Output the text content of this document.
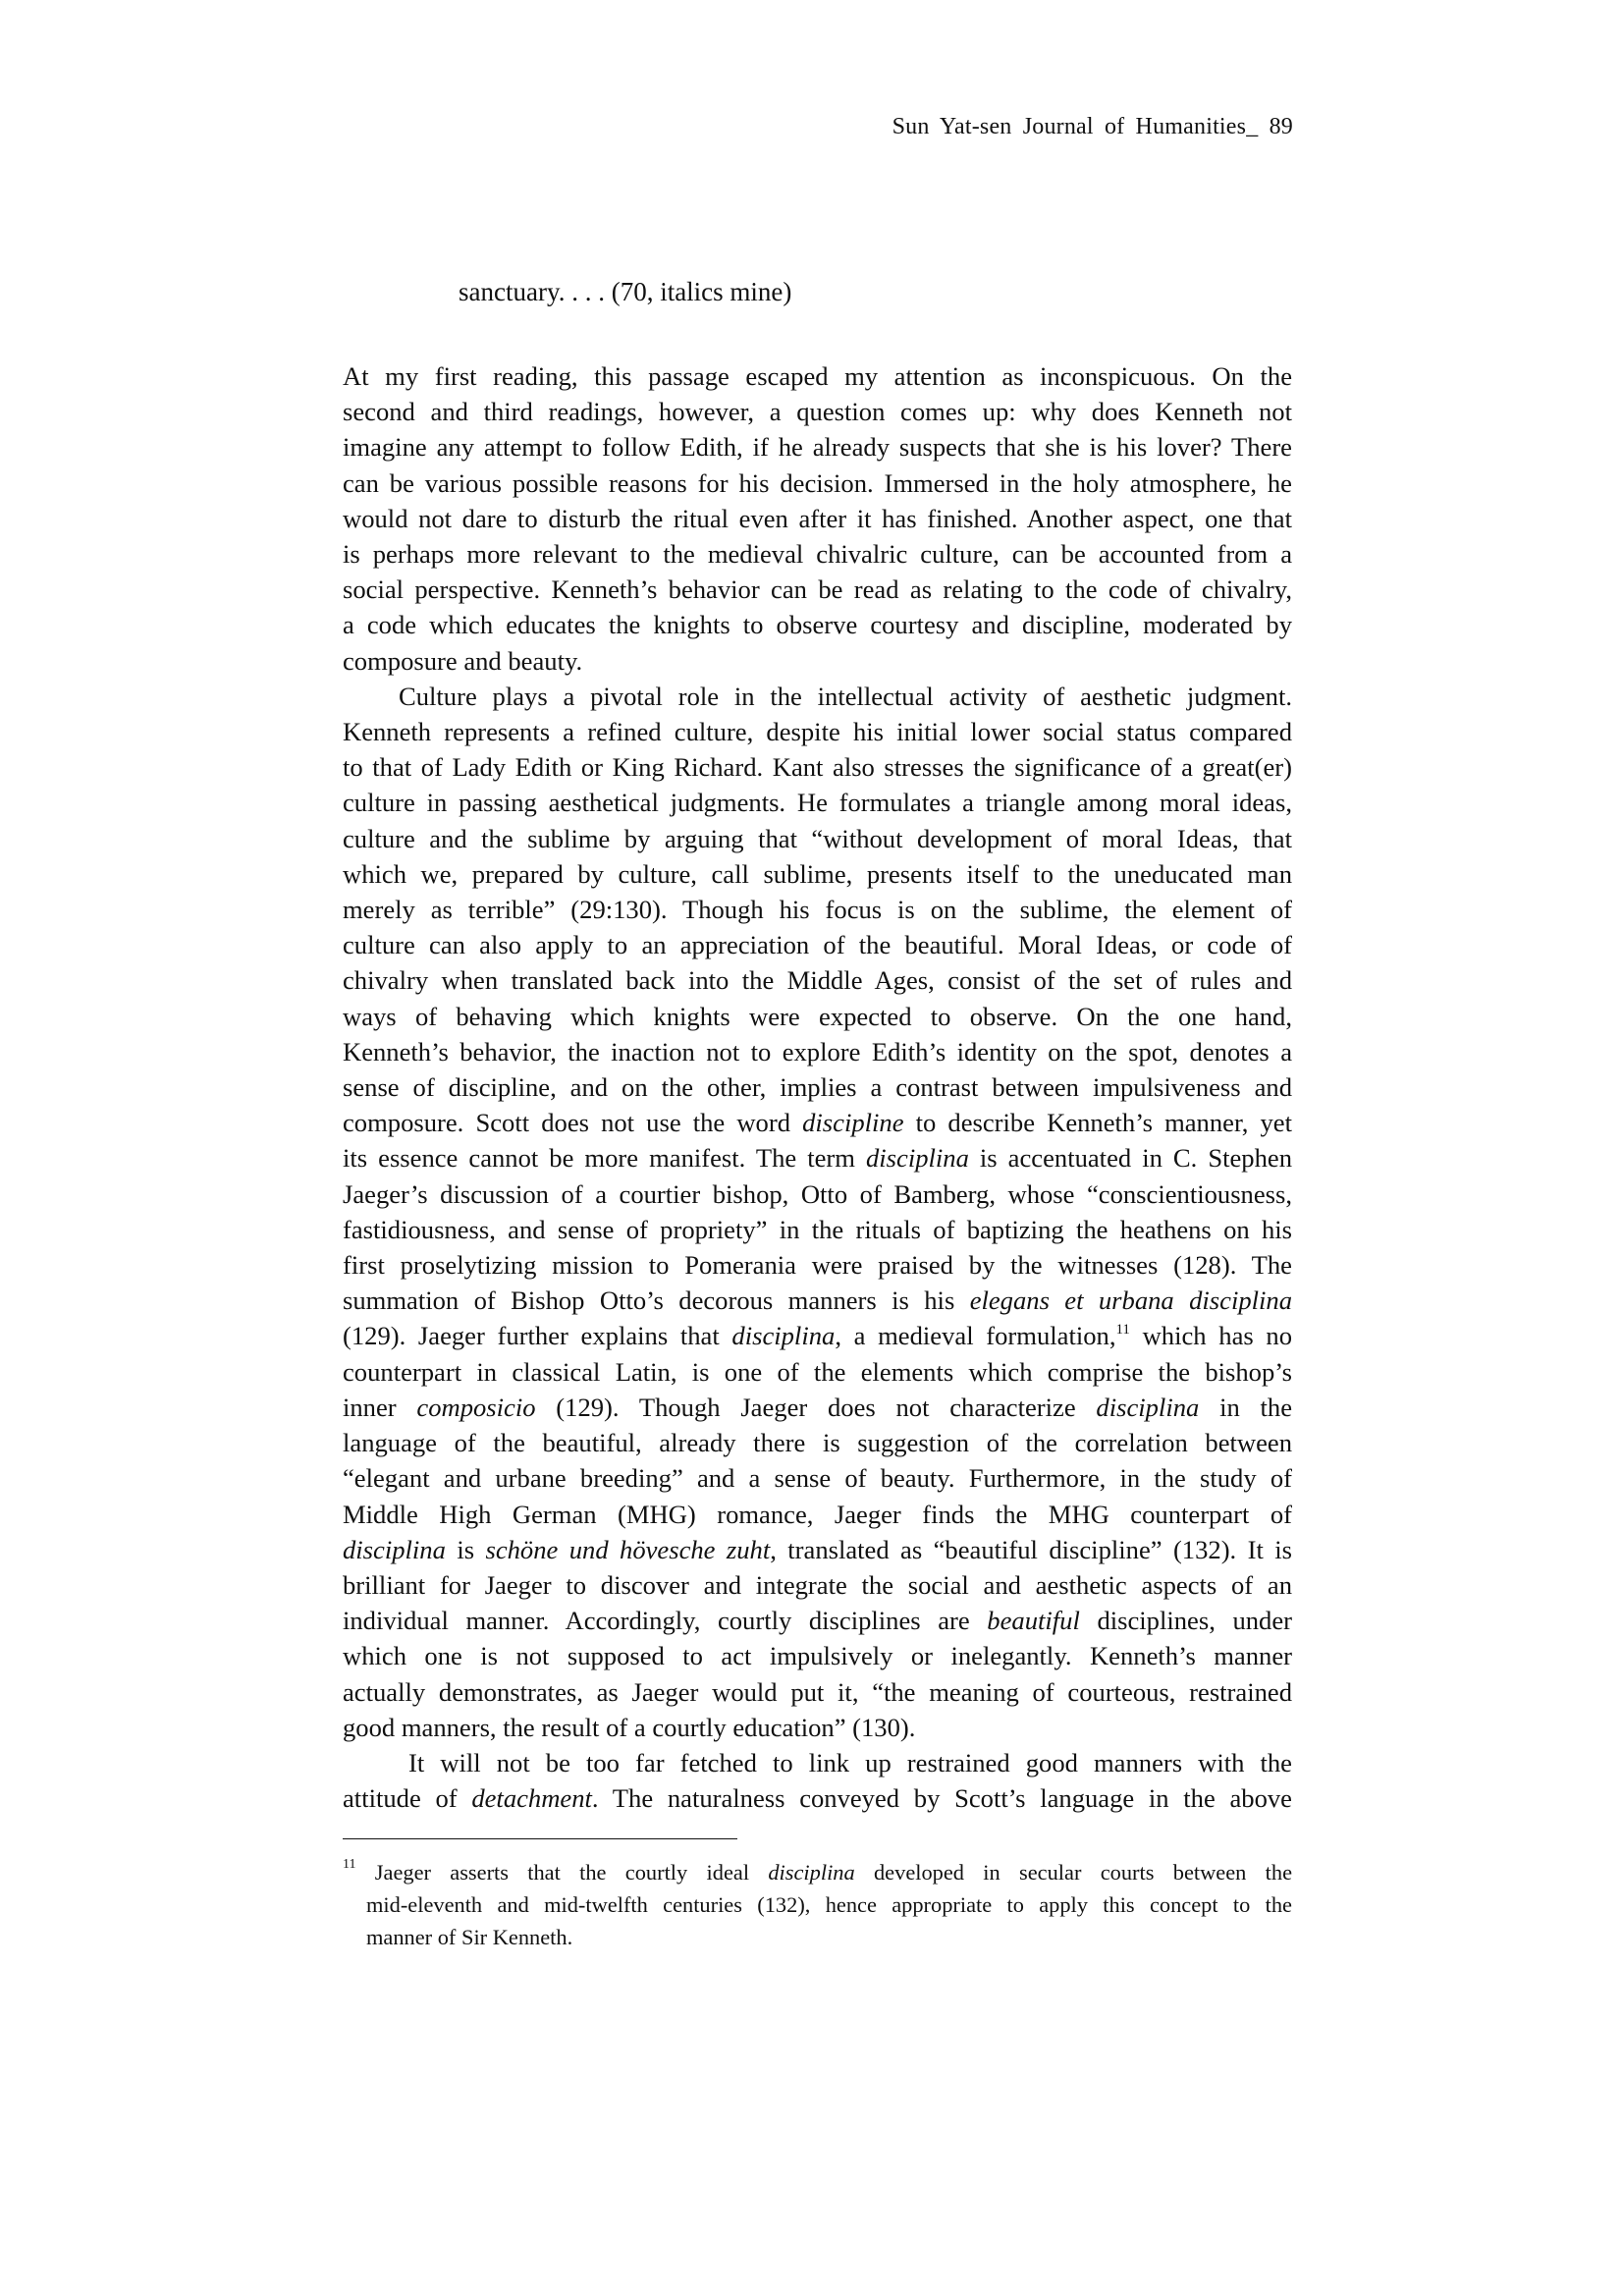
Sun Yat-sen Journal of Humanities_ 89
sanctuary. . . . (70, italics mine)

At my first reading, this passage escaped my attention as inconspicuous. On the
second and third readings, however, a question comes up: why does Kenneth not
imagine any attempt to follow Edith, if he already suspects that she is his lover? There
can be various possible reasons for his decision. Immersed in the holy atmosphere, he
would not dare to disturb the ritual even after it has finished. Another aspect, one that
is perhaps more relevant to the medieval chivalric culture, can be accounted from a
social perspective. Kenneth’s behavior can be read as relating to the code of chivalry,
a code which educates the knights to observe courtesy and discipline, moderated by
composure and beauty.

Culture plays a pivotal role in the intellectual activity of aesthetic judgment.
Kenneth represents a refined culture, despite his initial lower social status compared
to that of Lady Edith or King Richard. Kant also stresses the significance of a great(er)
culture in passing aesthetical judgments. He formulates a triangle among moral ideas,
culture and the sublime by arguing that “without development of moral Ideas, that
which we, prepared by culture, call sublime, presents itself to the uneducated man
merely as terrible” (29:130). Though his focus is on the sublime, the element of
culture can also apply to an appreciation of the beautiful. Moral Ideas, or code of
chivalry when translated back into the Middle Ages, consist of the set of rules and
ways of behaving which knights were expected to observe. On the one hand,
Kenneth’s behavior, the inaction not to explore Edith’s identity on the spot, denotes a
sense of discipline, and on the other, implies a contrast between impulsiveness and
composure. Scott does not use the word discipline to describe Kenneth’s manner, yet
its essence cannot be more manifest. The term disciplina is accentuated in C. Stephen
Jaeger’s discussion of a courtier bishop, Otto of Bamberg, whose “conscientiousness,
fastidiousness, and sense of propriety” in the rituals of baptizing the heathens on his
first proselytizing mission to Pomerania were praised by the witnesses (128). The
summation of Bishop Otto’s decorous manners is his elegans et urbana disciplina
(129). Jaeger further explains that disciplina, a medieval formulation,$^{11}$ which has no
counterpart in classical Latin, is one of the elements which comprise the bishop’s
inner composicio (129). Though Jaeger does not characterize disciplina in the
language of the beautiful, already there is suggestion of the correlation between
“elegant and urbane breeding” and a sense of beauty. Furthermore, in the study of
Middle High German (MHG) romance, Jaeger finds the MHG counterpart of
disciplina is schöne und hövesche zuht, translated as “beautiful discipline” (132). It is
brilliant for Jaeger to discover and integrate the social and aesthetic aspects of an
individual manner. Accordingly, courtly disciplines are beautiful disciplines, under
which one is not supposed to act impulsively or inelegantly. Kenneth’s manner
actually demonstrates, as Jaeger would put it, “the meaning of courteous, restrained
good manners, the result of a courtly education” (130).

It will not be too far fetched to link up restrained good manners with the
attitude of detachment. The naturalness conveyed by Scott’s language in the above

$^{11}$ Jaeger asserts that the courtly ideal disciplina developed in secular courts between the
mid-eleventh and mid-twelfth centuries (132), hence appropriate to apply this concept to the
manner of Sir Kenneth.
